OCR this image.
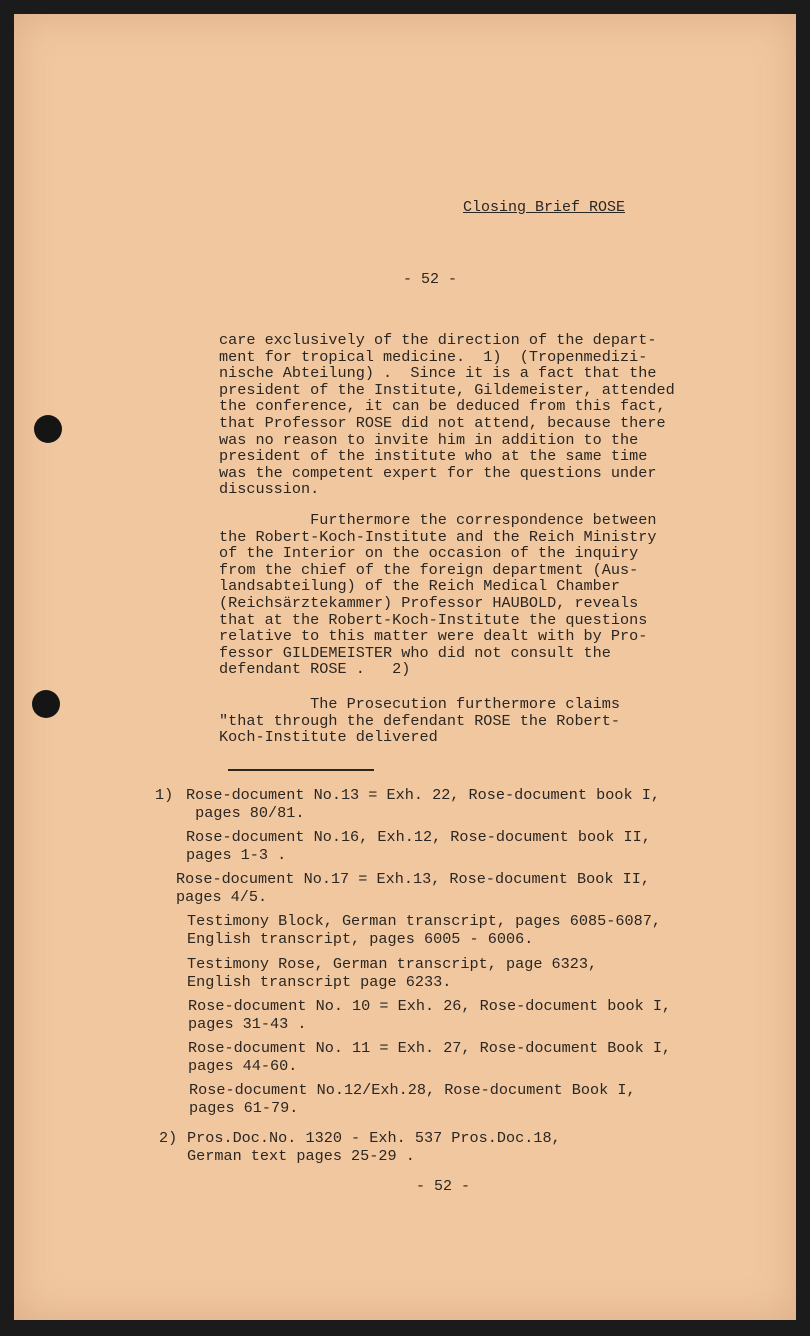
Closing Brief ROSE
- 52 -
care exclusively of the direction of the depart-
ment for tropical medicine.  1)  (Tropenmedizi-
nische Abteilung) .  Since it is a fact that the
president of the Institute, Gildemeister, attended
the conference, it can be deduced from this fact,
that Professor ROSE did not attend, because there
was no reason to invite him in addition to the
president of the institute who at the same time
was the competent expert for the questions under
discussion.
Furthermore the correspondence between
the Robert-Koch-Institute and the Reich Ministry
of the Interior on the occasion of the inquiry
from the chief of the foreign department (Aus-
landsabteilung) of the Reich Medical Chamber
(Reichsärztekammer) Professor HAUBOLD, reveals
that at the Robert-Koch-Institute the questions
relative to this matter were dealt with by Pro-
fessor GILDEMEISTER who did not consult the
defendant ROSE .   2)
The Prosecution furthermore claims
"that through the defendant ROSE the Robert-
Koch-Institute delivered
1) Rose-document No.13 = Exh. 22, Rose-document book I,
pages 80/81.
Rose-document No.16, Exh.12, Rose-document book II,
pages 1-3 .
Rose-document No.17 = Exh.13, Rose-document Book II,
pages 4/5.
Testimony Block, German transcript, pages 6085-6087,
English transcript, pages 6005 - 6006.
Testimony Rose, German transcript, page 6323,
English transcript page 6233.
Rose-document No. 10 = Exh. 26, Rose-document book I,
pages 31-43 .
Rose-document No. 11 = Exh. 27, Rose-document Book I,
pages 44-60.
Rose-document No.12/Exh.28, Rose-document Book I,
pages 61-79.
2) Pros.Doc.No. 1320 - Exh. 537 Pros.Doc.18,
German text pages 25-29 .
- 52 -
